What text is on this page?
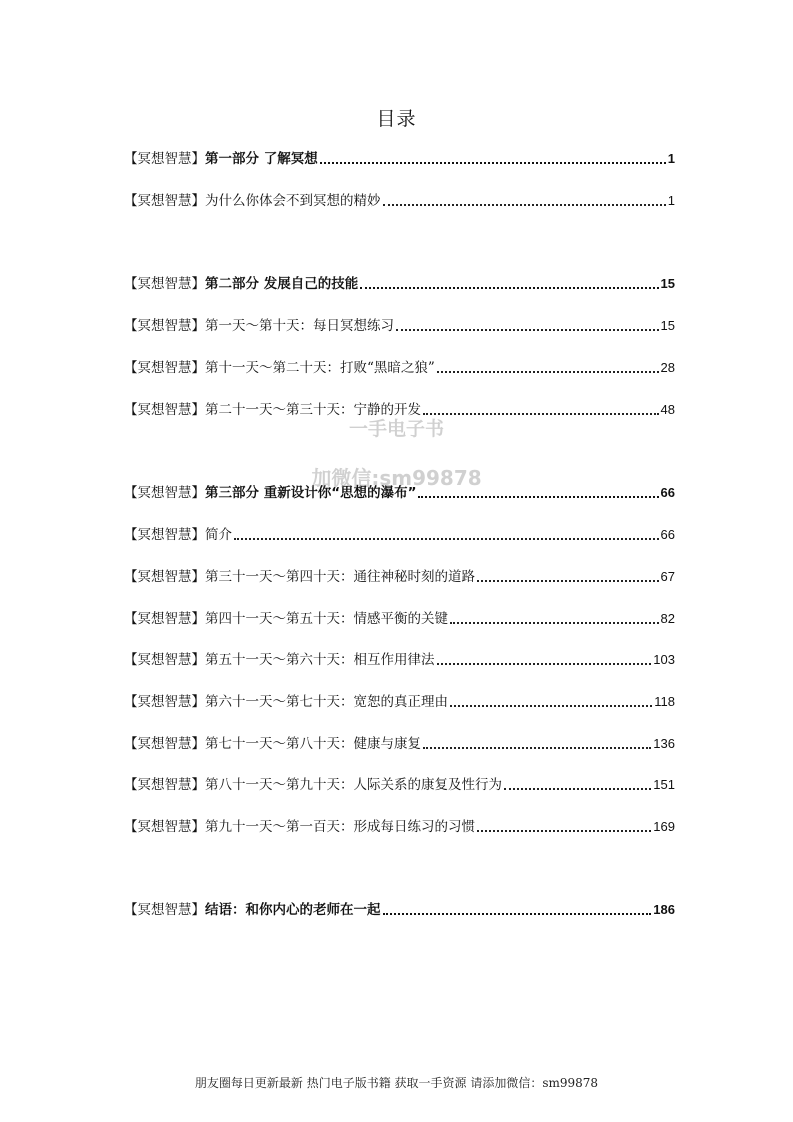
目录
【冥想智慧】 第一部分 了解冥想	1
【冥想智慧】 为什么你体会不到冥想的精妙	1
【冥想智慧】 第二部分 发展自己的技能	15
【冥想智慧】 第一天～第十天：每日冥想练习	15
【冥想智慧】 第十一天～第二十天：打败“黑暗之狼”	28
【冥想智慧】 第二十一天～第三十天：宁静的开发	48
【冥想智慧】 第三部分 重新设计你“思想的瀑布”	66
【冥想智慧】 简介	66
【冥想智慧】 第三十一天～第四十天：通往神秘时刻的道路	67
【冥想智慧】 第四十一天～第五十天：情感平衡的关键	82
【冥想智慧】 第五十一天～第六十天：相互作用律法	103
【冥想智慧】 第六十一天～第七十天：宽恕的真正理由	118
【冥想智慧】 第七十一天～第八十天：健康与康复	136
【冥想智慧】 第八十一天～第九十天：人际关系的康复及性行为	151
【冥想智慧】 第九十一天～第一百天：形成每日练习的习惯	169
【冥想智慧】 结语：和你内心的老师在一起	186
一手电子书
加微信:sm99878
朋友圈每日更新最新 热门电子版书籍 获取一手资源 请添加微信：sm99878
